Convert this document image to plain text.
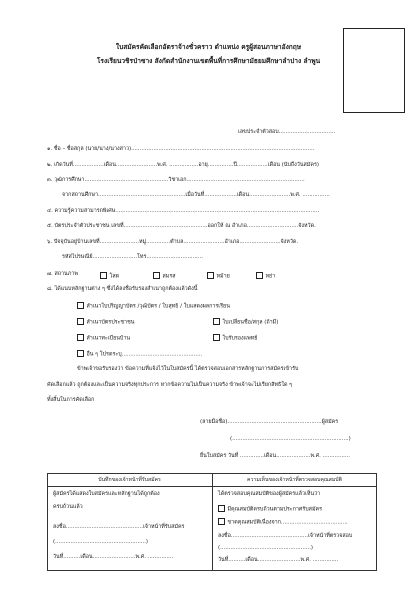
ใบสมัครคัดเลือกอัตราจ้างชั่วคราว ตำแหน่ง ครูผู้สอนภาษาอังกฤษ
โรงเรียนวชิรป่าซาง สังกัดสำนักงานเขตพื้นที่การศึกษามัธยมศึกษาลำปาง ลำพูน
เลขประจำตัวสอบ.................................
๑. ชื่อ – ชื่อสกุล (นาย/นาง/นางสาว)...........................................................................................................
๒. เกิดวันที่..................เดือน........................พ.ศ. .................อายุ...............ปี..................เดือน (นับถึงวันสมัคร)
๓. วุฒิการศึกษา.................................................วิชาเอก.....................................................................
จากสถานศึกษา...................................................เมื่อวันที่...................เดือน........................พ.ศ. ................
๔. ความรู้ความสามารถพิเศษ.......................................................................................................................
๕. บัตรประจำตัวประชาชน เลขที่.................................................ออกให้ ณ อำเภอ..............................จังหวัด.
๖. ปัจจุบันอยู่บ้านเลขที่.......................หมู่..............ตำบล........................อำเภอ........................จังหวัด.
รหัสไปรษณีย์..........................โทร.................................
๗. สถานภาพ	โสด	สมรส	หม้าย	หย่า
๘. ได้แนบหลักฐานต่าง ๆ ซึ่งได้ลงชื่อรับรองสำเนาถูกต้องแล้วดังนี้
สำเนาใบปริญญาบัตร /วุฒิบัตร / ใบสุทธิ / ใบแสดงผลการเรียน
สำเนาบัตรประชาชน	ใบเปลี่ยนชื่อ/สกุล (ถ้ามี)
สำเนาทะเบียนบ้าน	ใบรับรองแพทย์
อื่น ๆ โปรดระบุ...............................................
ข้าพเจ้าขอรับรองว่า ข้อความที่แจ้งไว้ในใบสมัครนี้ ได้ตรวจสอบเอกสารหลักฐานการสมัครเข้ารับ
คัดเลือกแล้ว ถูกต้องและเป็นความจริงทุกประการ หากข้อความไม่เป็นความจริง ข้าพเจ้าจะไม่เรียกสิทธิใด ๆ
ทั้งสิ้นในการคัดเลือก
(ลายมือชื่อ).......................................................ผู้สมัคร
(....................................................................)
ยื่นใบสมัคร วันที่ ..............เดือน....................พ.ศ. ................
บันทึกของเจ้าหน้าที่รับสมัคร	ความเห็นของเจ้าหน้าที่ตรวจสอบคุณสมบัติ
ผู้สมัครได้แสดงใบสมัครและหลักฐานได้ถูกต้อง
ครบถ้วนแล้ว
ลงชื่อ.............................................เจ้าหน้าที่รับสมัคร
(.....................................................)
วันที่..........เดือน.........................พ.ศ. ...............
ได้ตรวจสอบคุณสมบัติของผู้สมัครแล้วเห็นว่า
มีคุณสมบัติครบถ้วนตามประกาศรับสมัคร
ขาดคุณสมบัติเนื่องจาก.......................................
ลงชื่อ.............................................เจ้าหน้าที่ตรวจสอบ
(.....................................................)
วันที่..........เดือน.........................พ.ศ. ...............
